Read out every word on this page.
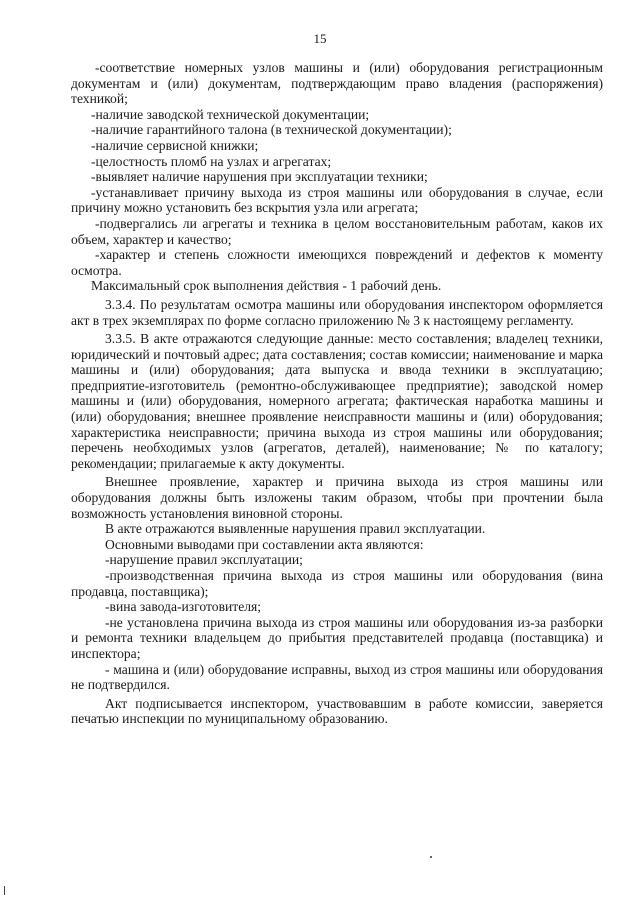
15

-соответствие номерных узлов машины и (или) оборудования регистрационным документам и (или) документам, подтверждающим право владения (распоряжения) техникой;

-наличие заводской технической документации;

-наличие гарантийного талона (в технической документации);

-наличие сервисной книжки;

-целостность пломб на узлах и агрегатах;

-выявляет наличие нарушения при эксплуатации техники;

-устанавливает причину выхода из строя машины или оборудования в случае, если причину можно установить без вскрытия узла или агрегата;

-подвергались ли агрегаты и техника в целом восстановительным работам, каков их объем, характер и качество;

-характер и степень сложности имеющихся повреждений и дефектов к моменту осмотра.

Максимальный срок выполнения действия - 1 рабочий день.

3.3.4. По результатам осмотра машины или оборудования инспектором оформляется акт в трех экземплярах по форме согласно приложению № 3 к настоящему регламенту.

3.3.5. В акте отражаются следующие данные: место составления; владелец техники, юридический и почтовый адрес; дата составления; состав комиссии; наименование и марка машины и (или) оборудования; дата выпуска и ввода техники в эксплуатацию; предприятие-изготовитель (ремонтно-обслуживающее предприятие); заводской номер машины и (или) оборудования, номерного агрегата; фактическая наработка машины и (или) оборудования; внешнее проявление неисправности машины и (или) оборудования; характеристика неисправности; причина выхода из строя машины или оборудования; перечень необходимых узлов (агрегатов, деталей), наименование; № по каталогу; рекомендации; прилагаемые к акту документы.

Внешнее проявление, характер и причина выхода из строя машины или оборудования должны быть изложены таким образом, чтобы при прочтении была возможность установления виновной стороны.

В акте отражаются выявленные нарушения правил эксплуатации.

Основными выводами при составлении акта являются:

-нарушение правил эксплуатации;

-производственная причина выхода из строя машины или оборудования (вина продавца, поставщика);

-вина завода-изготовителя;

-не установлена причина выхода из строя машины или оборудования из-за разборки и ремонта техники владельцем до прибытия представителей продавца (поставщика) и инспектора;

- машина и (или) оборудование исправны, выход из строя машины или оборудования не подтвердился.

Акт подписывается инспектором, участвовавшим в работе комиссии, заверяется печатью инспекции по муниципальному образованию.
